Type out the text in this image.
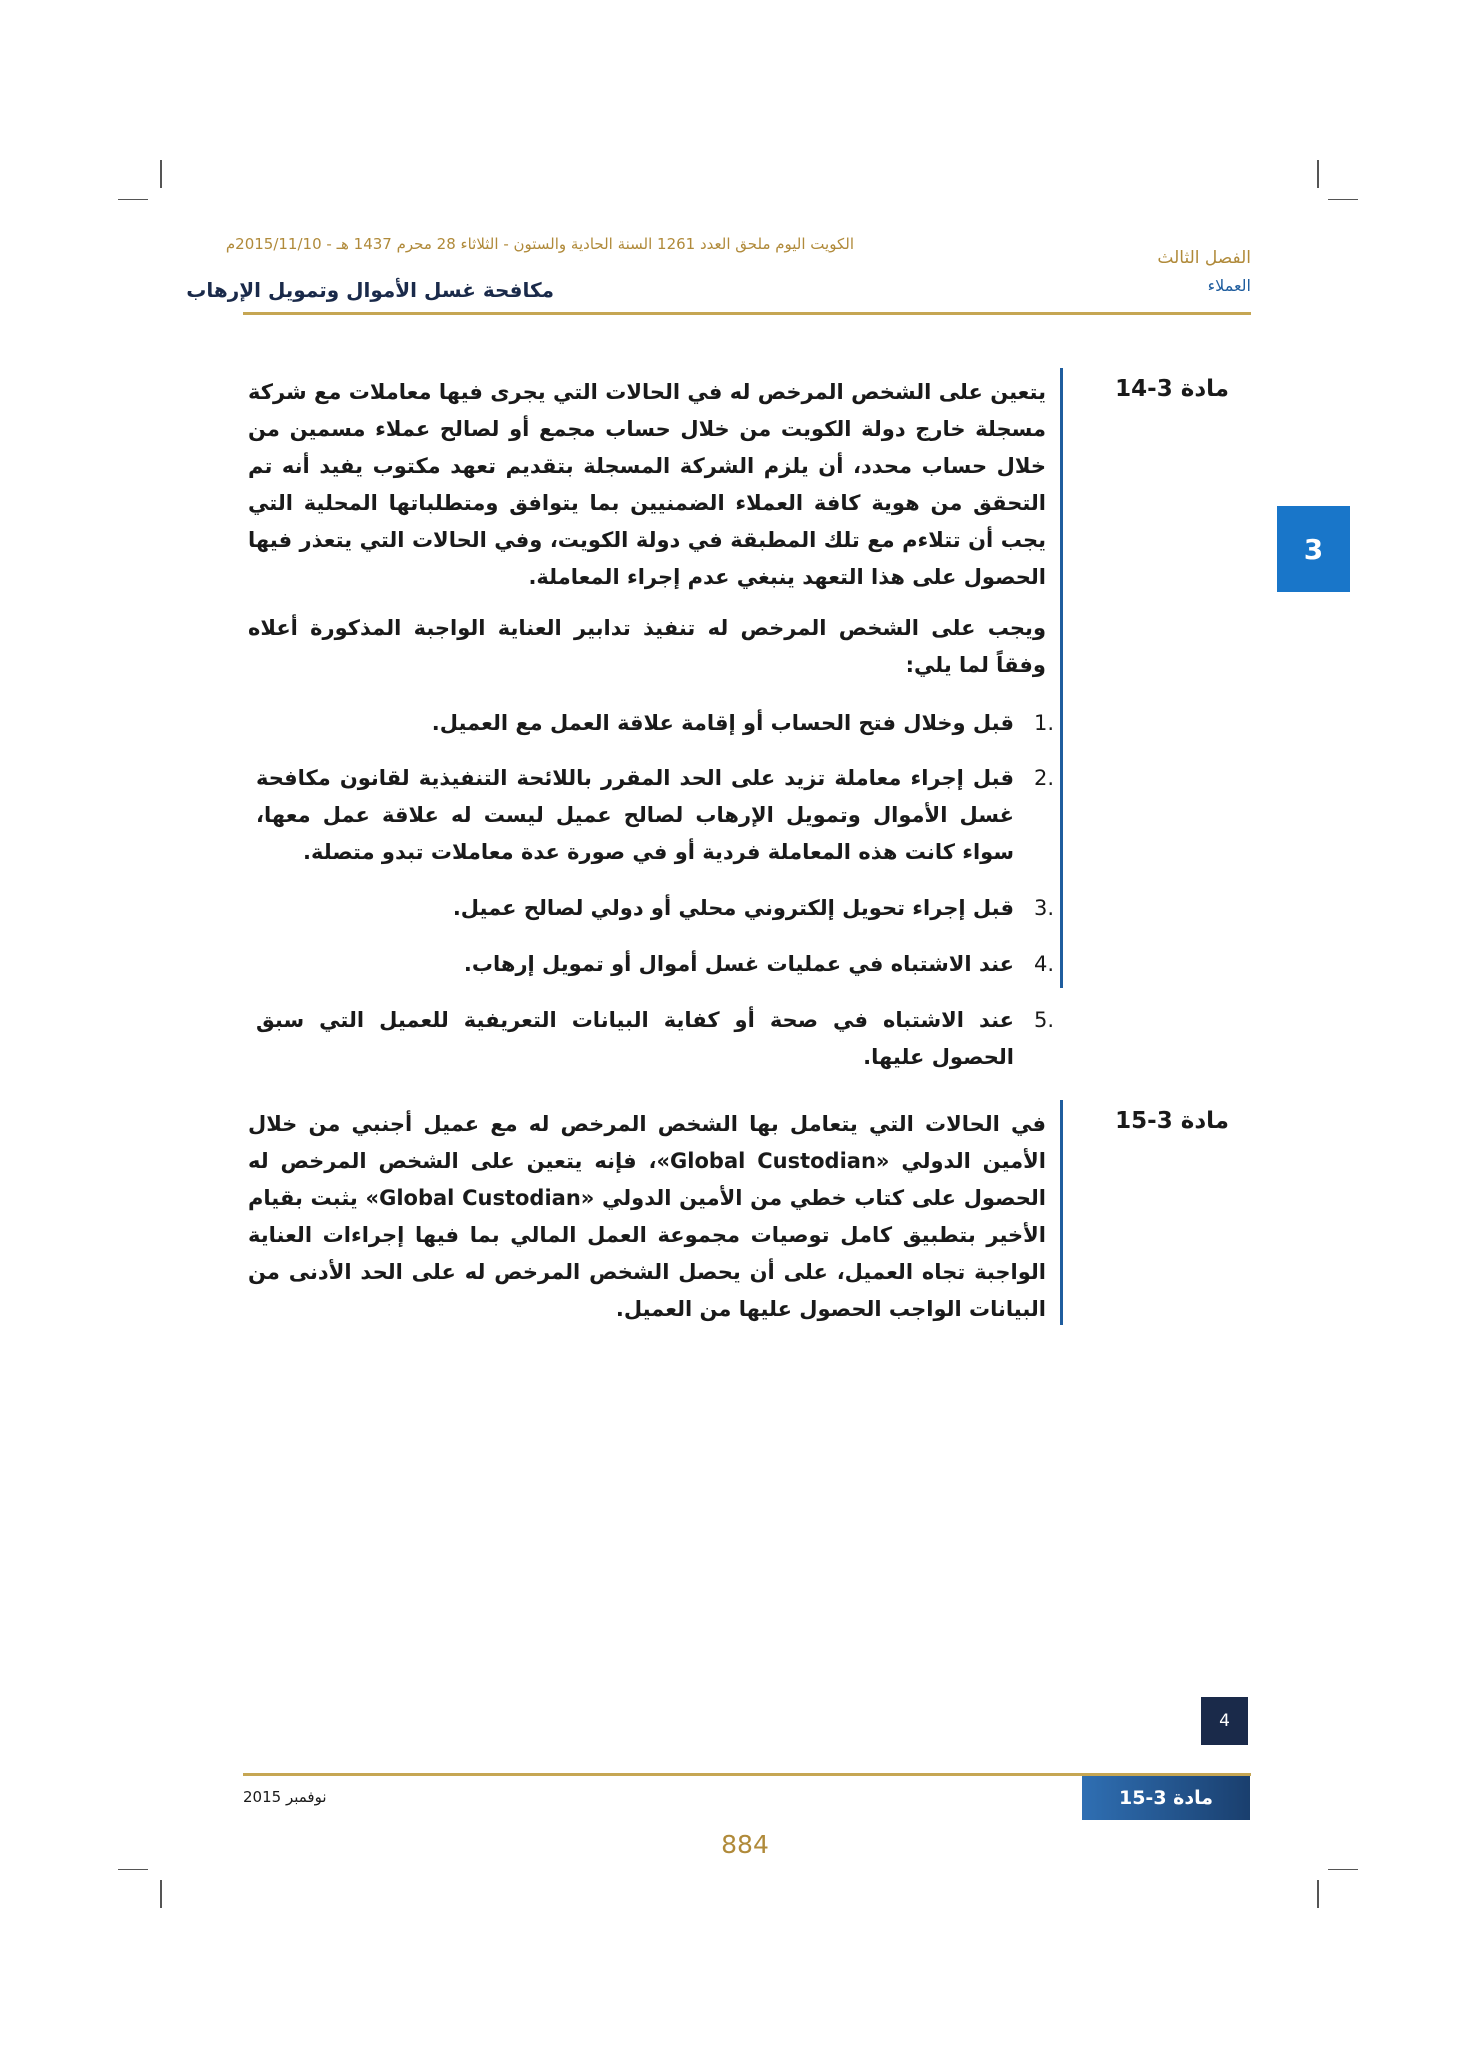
الكويت اليوم ملحق العدد 1261 السنة الحادية والستون - الثلاثاء 28 محرم 1437 هـ - 2015/11/10م
الفصل الثالث
العملاء
مكافحة غسل الأموال وتمويل الإرهاب
3
مادة 3-14
يتعين على الشخص المرخص له في الحالات التي يجرى فيها معاملات مع شركة مسجلة خارج دولة الكويت من خلال حساب مجمع أو لصالح عملاء مسمين من خلال حساب محدد، أن يلزم الشركة المسجلة بتقديم تعهد مكتوب يفيد أنه تم التحقق من هوية كافة العملاء الضمنيين بما يتوافق ومتطلباتها المحلية التي يجب أن تتلاءم مع تلك المطبقة في دولة الكويت، وفي الحالات التي يتعذر فيها الحصول على هذا التعهد ينبغي عدم إجراء المعاملة.
ويجب على الشخص المرخص له تنفيذ تدابير العناية الواجبة المذكورة أعلاه وفقاً لما يلي:
.1
قبل وخلال فتح الحساب أو إقامة علاقة العمل مع العميل.
.2
قبل إجراء معاملة تزيد على الحد المقرر باللائحة التنفيذية لقانون مكافحة غسل الأموال وتمويل الإرهاب لصالح عميل ليست له علاقة عمل معها، سواء كانت هذه المعاملة فردية أو في صورة عدة معاملات تبدو متصلة.
.3
قبل إجراء تحويل إلكتروني محلي أو دولي لصالح عميل.
.4
عند الاشتباه في عمليات غسل أموال أو تمويل إرهاب.
.5
عند الاشتباه في صحة أو كفاية البيانات التعريفية للعميل التي سبق الحصول عليها.
مادة 3-15
في الحالات التي يتعامل بها الشخص المرخص له مع عميل أجنبي من خلال الأمين الدولي «Global Custodian»، فإنه يتعين على الشخص المرخص له الحصول على كتاب خطي من الأمين الدولي «Global Custodian» يثبت بقيام الأخير بتطبيق كامل توصيات مجموعة العمل المالي بما فيها إجراءات العناية الواجبة تجاه العميل، على أن يحصل الشخص المرخص له على الحد الأدنى من البيانات الواجب الحصول عليها من العميل.
4
مادة 3-15
نوفمبر 2015
884
